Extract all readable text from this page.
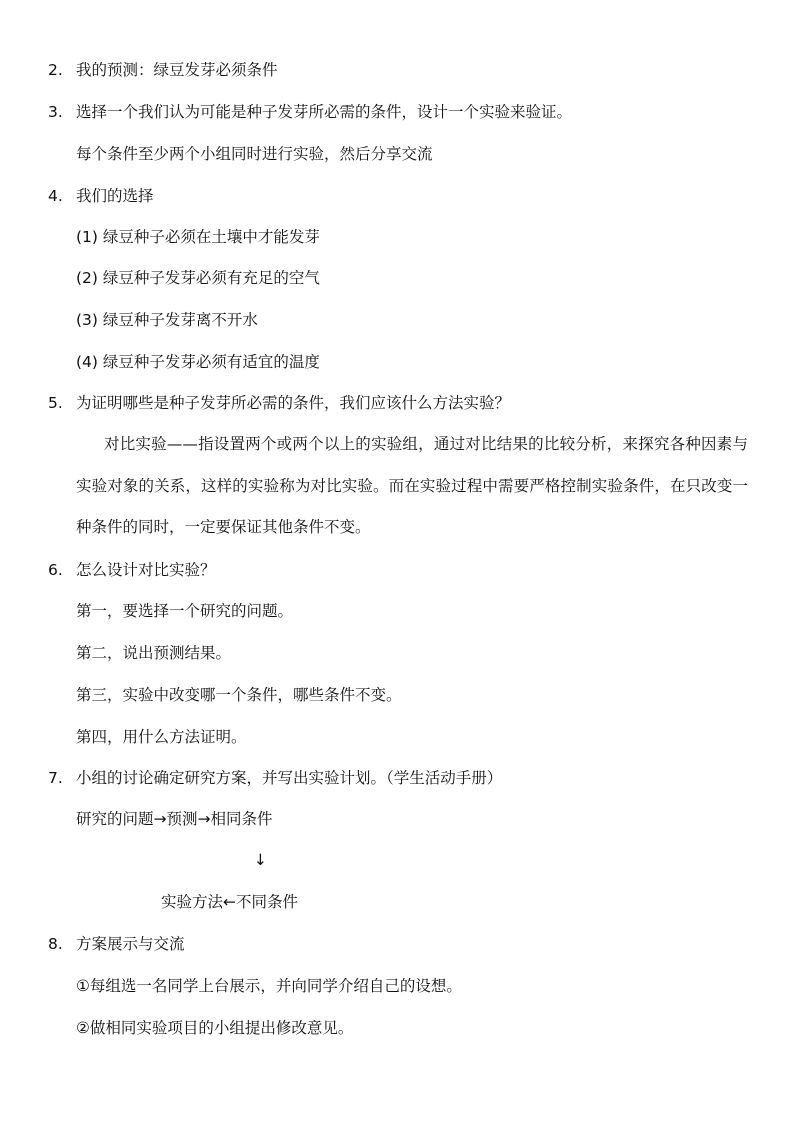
2. 我的预测：绿豆发芽必须条件
3. 选择一个我们认为可能是种子发芽所必需的条件，设计一个实验来验证。
每个条件至少两个小组同时进行实验，然后分享交流
4. 我们的选择
(1) 绿豆种子必须在土壤中才能发芽
(2) 绿豆种子发芽必须有充足的空气
(3) 绿豆种子发芽离不开水
(4) 绿豆种子发芽必须有适宜的温度
5. 为证明哪些是种子发芽所必需的条件，我们应该什么方法实验？
对比实验——指设置两个或两个以上的实验组，通过对比结果的比较分析，来探究各种因素与实验对象的关系，这样的实验称为对比实验。而在实验过程中需要严格控制实验条件，在只改变一种条件的同时，一定要保证其他条件不变。
6. 怎么设计对比实验？
第一，要选择一个研究的问题。
第二，说出预测结果。
第三，实验中改变哪一个条件，哪些条件不变。
第四，用什么方法证明。
7. 小组的讨论确定研究方案，并写出实验计划。（学生活动手册）
研究的问题→预测→相同条件
↓
实验方法←不同条件
8. 方案展示与交流
①每组选一名同学上台展示，并向同学介绍自己的设想。
②做相同实验项目的小组提出修改意见。
